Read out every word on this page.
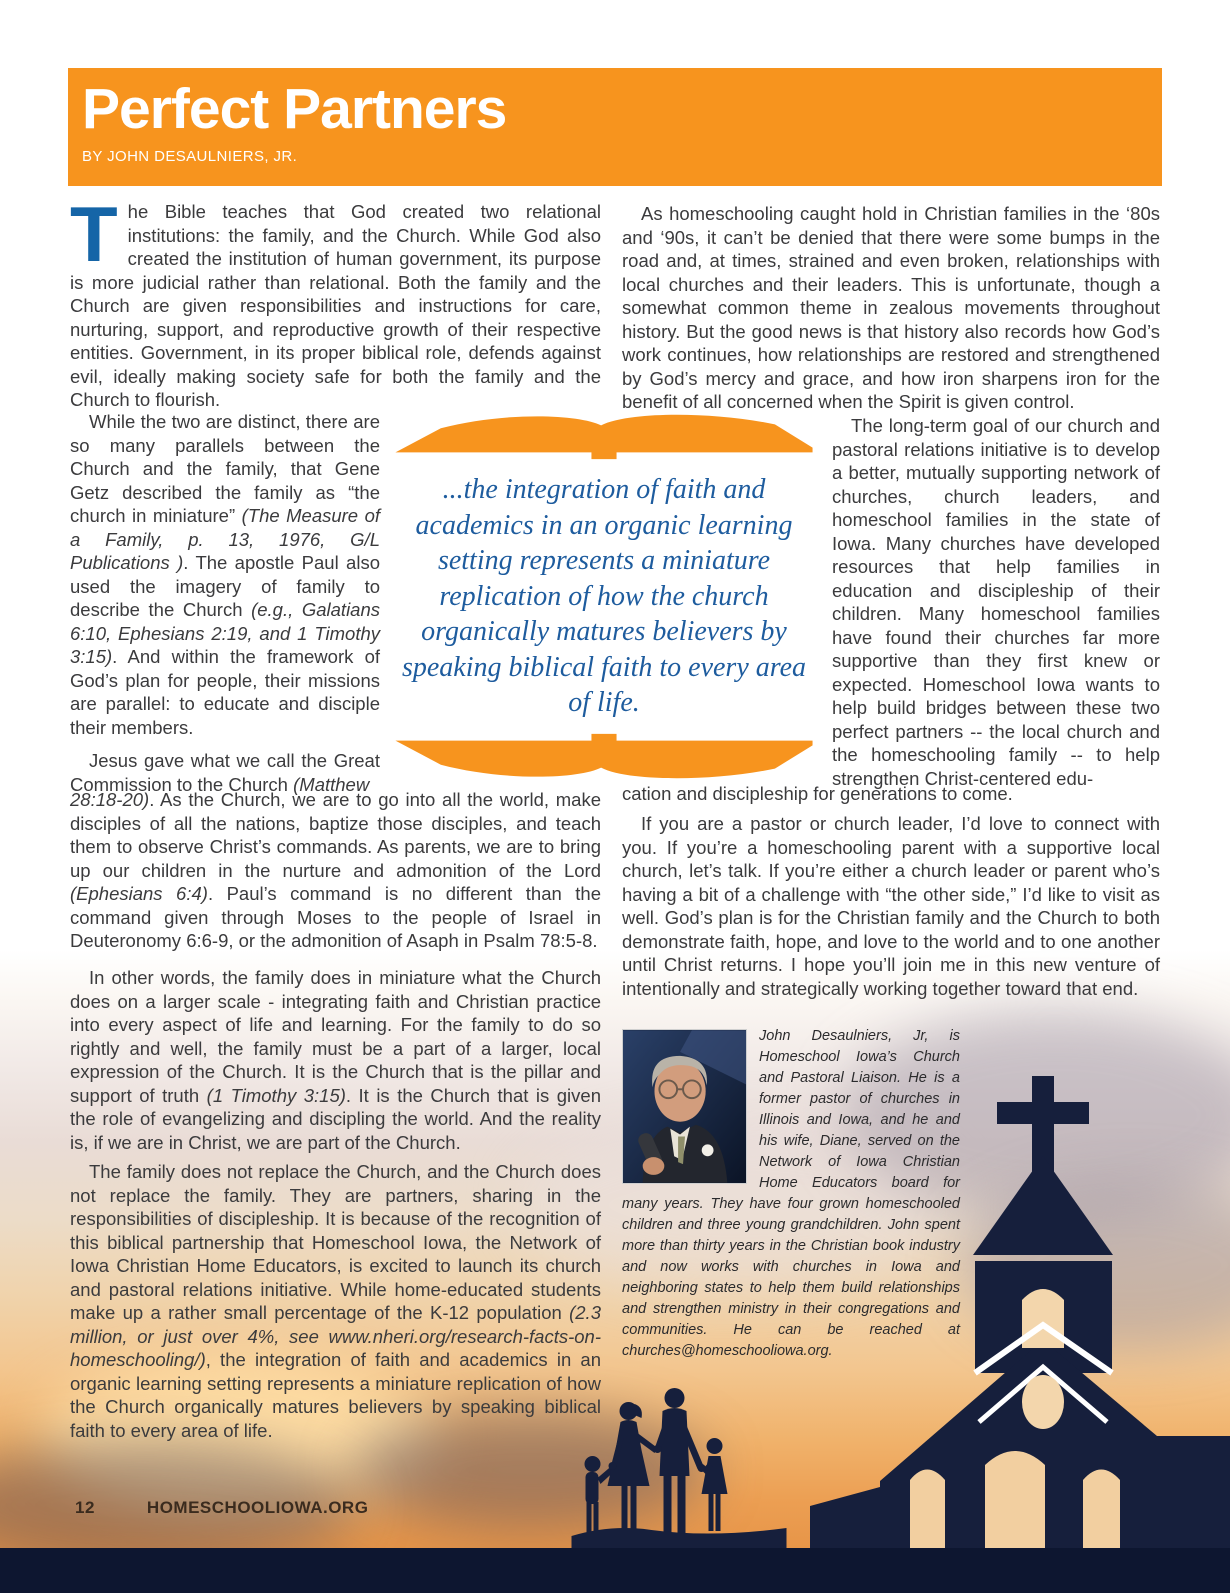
Perfect Partners
BY JOHN DESAULNIERS, JR.

The Bible teaches that God created two relational institutions: the family, and the Church. While God also created the institution of human government, its purpose is more judicial rather than relational. Both the family and the Church are given responsibilities and instructions for care, nurturing, support, and reproductive growth of their respective entities. Government, in its proper biblical role, defends against evil, ideally making society safe for both the family and the Church to flourish.

While the two are distinct, there are so many parallels between the Church and the family, that Gene Getz described the family as “the church in miniature” (The Measure of a Family, p. 13, 1976, G/L Publications ). The apostle Paul also used the imagery of family to describe the Church (e.g., Galatians 6:10, Ephesians 2:19, and 1 Timothy 3:15). And within the framework of God’s plan for people, their missions are parallel: to educate and disciple their members.

Jesus gave what we call the Great Commission to the Church (Matthew

28:18-20). As the Church, we are to go into all the world, make disciples of all the nations, baptize those disciples, and teach them to observe Christ’s commands. As parents, we are to bring up our children in the nurture and admonition of the Lord (Ephesians 6:4). Paul’s command is no different than the command given through Moses to the people of Israel in Deuteronomy 6:6-9, or the admonition of Asaph in Psalm 78:5-8.

In other words, the family does in miniature what the Church does on a larger scale - integrating faith and Christian practice into every aspect of life and learning. For the family to do so rightly and well, the family must be a part of a larger, local expression of the Church. It is the Church that is the pillar and support of truth (1 Timothy 3:15). It is the Church that is given the role of evangelizing and discipling the world. And the reality is, if we are in Christ, we are part of the Church.

The family does not replace the Church, and the Church does not replace the family. They are partners, sharing in the responsibilities of discipleship. It is because of the recognition of this biblical partnership that Homeschool Iowa, the Network of Iowa Christian Home Educators, is excited to launch its church and pastoral relations initiative. While home-educated students make up a rather small percentage of the K-12 population (2.3 million, or just over 4%, see www.nheri.org/research-facts-on-homeschooling/), the integration of faith and academics in an organic learning setting represents a miniature replication of how the Church organically matures believers by speaking biblical faith to every area of life.

...the integration of faith and academics in an organic learning setting represents a miniature replication of how the church organically matures believers by speaking biblical faith to every area of life.

As homeschooling caught hold in Christian families in the ‘80s and ‘90s, it can’t be denied that there were some bumps in the road and, at times, strained and even broken, relationships with local churches and their leaders. This is unfortunate, though a somewhat common theme in zealous movements throughout history. But the good news is that history also records how God’s work continues, how relationships are restored and strengthened by God’s mercy and grace, and how iron sharpens iron for the benefit of all concerned when the Spirit is given control.

The long-term goal of our church and pastoral relations initiative is to develop a better, mutually supporting network of churches, church leaders, and homeschool families in the state of Iowa. Many churches have developed resources that help families in education and discipleship of their children. Many homeschool families have found their churches far more supportive than they first knew or expected. Homeschool Iowa wants to help build bridges between these two perfect partners -- the local church and the homeschooling family -- to help strengthen Christ-centered edu-

cation and discipleship for generations to come.

If you are a pastor or church leader, I’d love to connect with you. If you’re a homeschooling parent with a supportive local church, let’s talk. If you’re either a church leader or parent who’s having a bit of a challenge with “the other side,” I’d like to visit as well. God’s plan is for the Christian family and the Church to both demonstrate faith, hope, and love to the world and to one another until Christ returns. I hope you’ll join me in this new venture of intentionally and strategically working together toward that end.

John Desaulniers, Jr, is Homeschool Iowa’s Church and Pastoral Liaison. He is a former pastor of churches in Illinois and Iowa, and he and his wife, Diane, served on the Network of Iowa Christian Home Educators board for many years. They have four grown homeschooled children and three young grandchildren. John spent more than thirty years in the Christian book industry and now works with churches in Iowa and neighboring states to help them build relationships and strengthen ministry in their congregations and communities. He can be reached at churches@homeschooliowa.org.
12	HOMESCHOOLIOWA.ORG
